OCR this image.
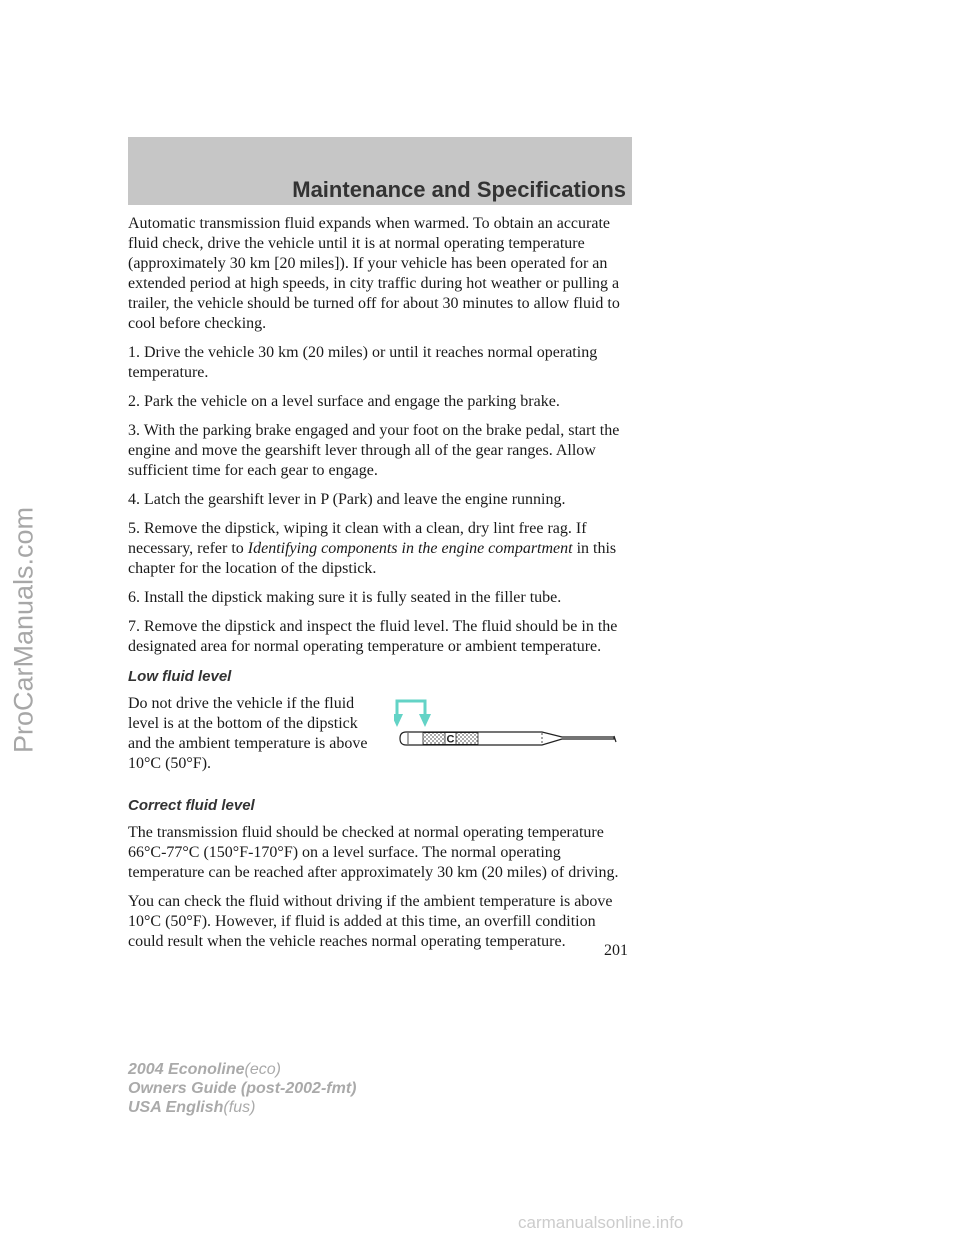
ProCarManuals.com
Maintenance and Specifications

Automatic transmission fluid expands when warmed. To obtain an accurate fluid check, drive the vehicle until it is at normal operating temperature (approximately 30 km [20 miles]). If your vehicle has been operated for an extended period at high speeds, in city traffic during hot weather or pulling a trailer, the vehicle should be turned off for about 30 minutes to allow fluid to cool before checking.

1. Drive the vehicle 30 km (20 miles) or until it reaches normal operating temperature.

2. Park the vehicle on a level surface and engage the parking brake.

3. With the parking brake engaged and your foot on the brake pedal, start the engine and move the gearshift lever through all of the gear ranges. Allow sufficient time for each gear to engage.

4. Latch the gearshift lever in P (Park) and leave the engine running.

5. Remove the dipstick, wiping it clean with a clean, dry lint free rag. If necessary, refer to Identifying components in the engine compartment in this chapter for the location of the dipstick.

6. Install the dipstick making sure it is fully seated in the filler tube.

7. Remove the dipstick and inspect the fluid level. The fluid should be in the designated area for normal operating temperature or ambient temperature.

Low fluid level

Do not drive the vehicle if the fluid level is at the bottom of the dipstick and the ambient temperature is above 10°C (50°F).

C
Correct fluid level

The transmission fluid should be checked at normal operating temperature 66°C-77°C (150°F-170°F) on a level surface. The normal operating temperature can be reached after approximately 30 km (20 miles) of driving.

You can check the fluid without driving if the ambient temperature is above 10°C (50°F). However, if fluid is added at this time, an overfill condition could result when the vehicle reaches normal operating temperature.

201
2004 Econoline(eco)
Owners Guide (post-2002-fmt)
USA English(fus)
carmanualsonline.info
